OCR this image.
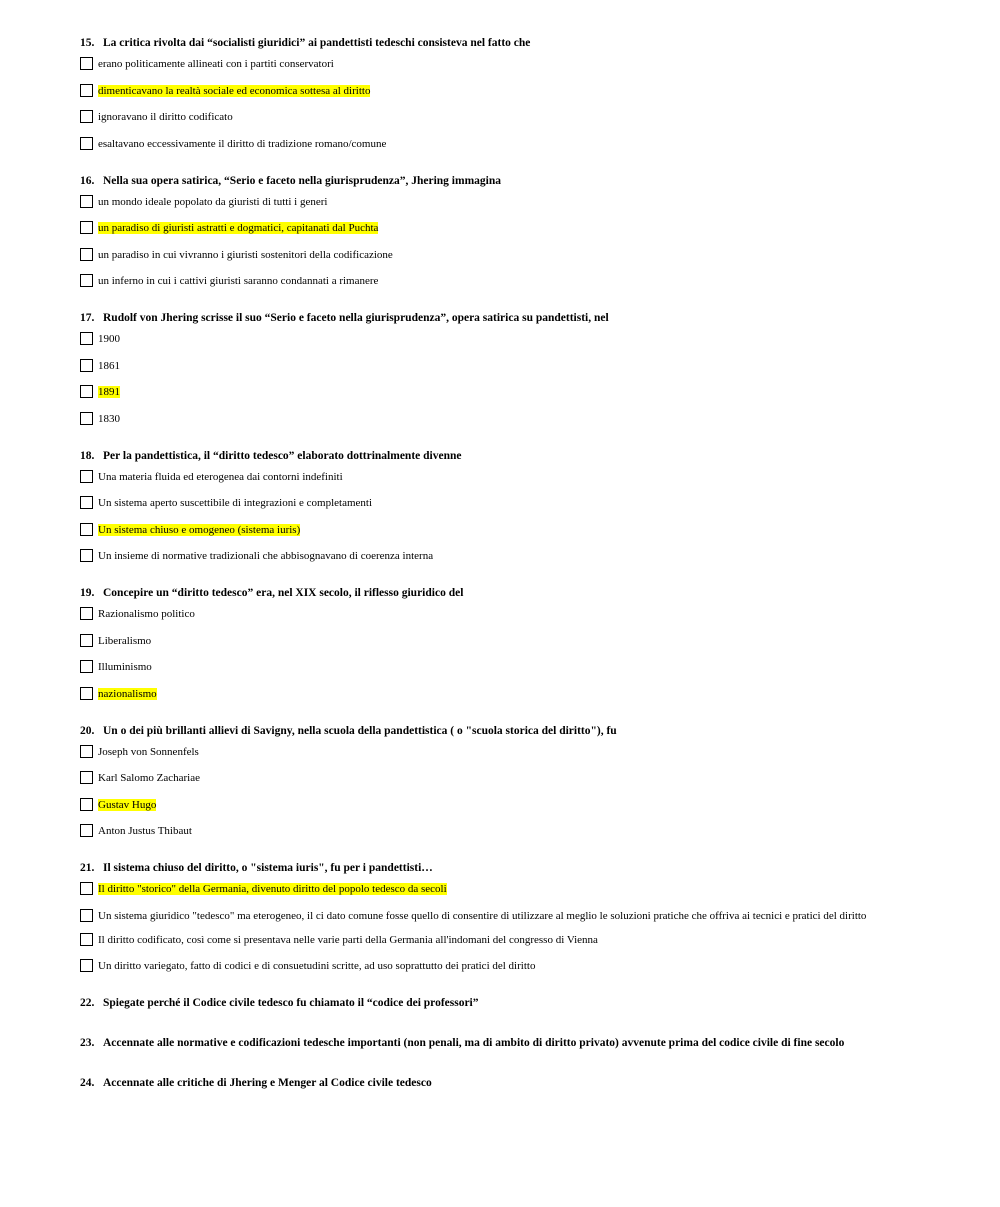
15. La critica rivolta dai “socialisti giuridici” ai pandettisti tedeschi consisteva nel fatto che
erano politicamente allineati con i partiti conservatori
dimenticavano la realtà sociale ed economica sottesa al diritto
ignoravano il diritto codificato
esaltavano eccessivamente il diritto di tradizione romano/comune
16. Nella sua opera satirica, “Serio e faceto nella giurisprudenza”, Jhering immagina
un mondo ideale popolato da giuristi di tutti i generi
un paradiso di giuristi astratti e dogmatici, capitanati dal Puchta
un paradiso in cui vivranno i giuristi sostenitori della codificazione
un inferno in cui i cattivi giuristi saranno condannati a rimanere
17. Rudolf von Jhering scrisse il suo “Serio e faceto nella giurisprudenza”, opera satirica su pandettisti, nel
1900
1861
1891
1830
18. Per la pandettistica, il “diritto tedesco” elaborato dottrinalmente divenne
Una materia fluida ed eterogenea dai contorni indefiniti
Un sistema aperto suscettibile di integrazioni e completamenti
Un sistema chiuso e omogeneo (sistema iuris)
Un insieme di normative tradizionali che abbisognavano di coerenza interna
19. Concepire un “diritto tedesco” era, nel XIX secolo, il riflesso giuridico del
Razionalismo politico
Liberalismo
Illuminismo
nazionalismo
20. Un o dei più brillanti allievi di Savigny, nella scuola della pandettistica ( o "scuola storica del diritto"), fu
Joseph von Sonnenfels
Karl Salomo Zachariae
Gustav Hugo
Anton Justus Thibaut
21. Il sistema chiuso del diritto, o "sistema iuris", fu per i pandettisti…
Il diritto "storico" della Germania, divenuto diritto del popolo tedesco da secoli
Un sistema giuridico "tedesco" ma eterogeneo, il ci dato comune fosse quello di consentire di utilizzare al meglio le soluzioni pratiche che offriva ai tecnici e pratici del diritto
Il diritto codificato, così come si presentava nelle varie parti della Germania all'indomani del congresso di Vienna
Un diritto variegato, fatto di codici e di consuetudini scritte, ad uso soprattutto dei pratici del diritto
22. Spiegate perché il Codice civile tedesco fu chiamato il “codice dei professori”
23. Accennate alle normative e codificazioni tedesche importanti (non penali, ma di ambito di diritto privato) avvenute prima del codice civile di fine secolo
24. Accennate alle critiche di Jhering e Menger al Codice civile tedesco
